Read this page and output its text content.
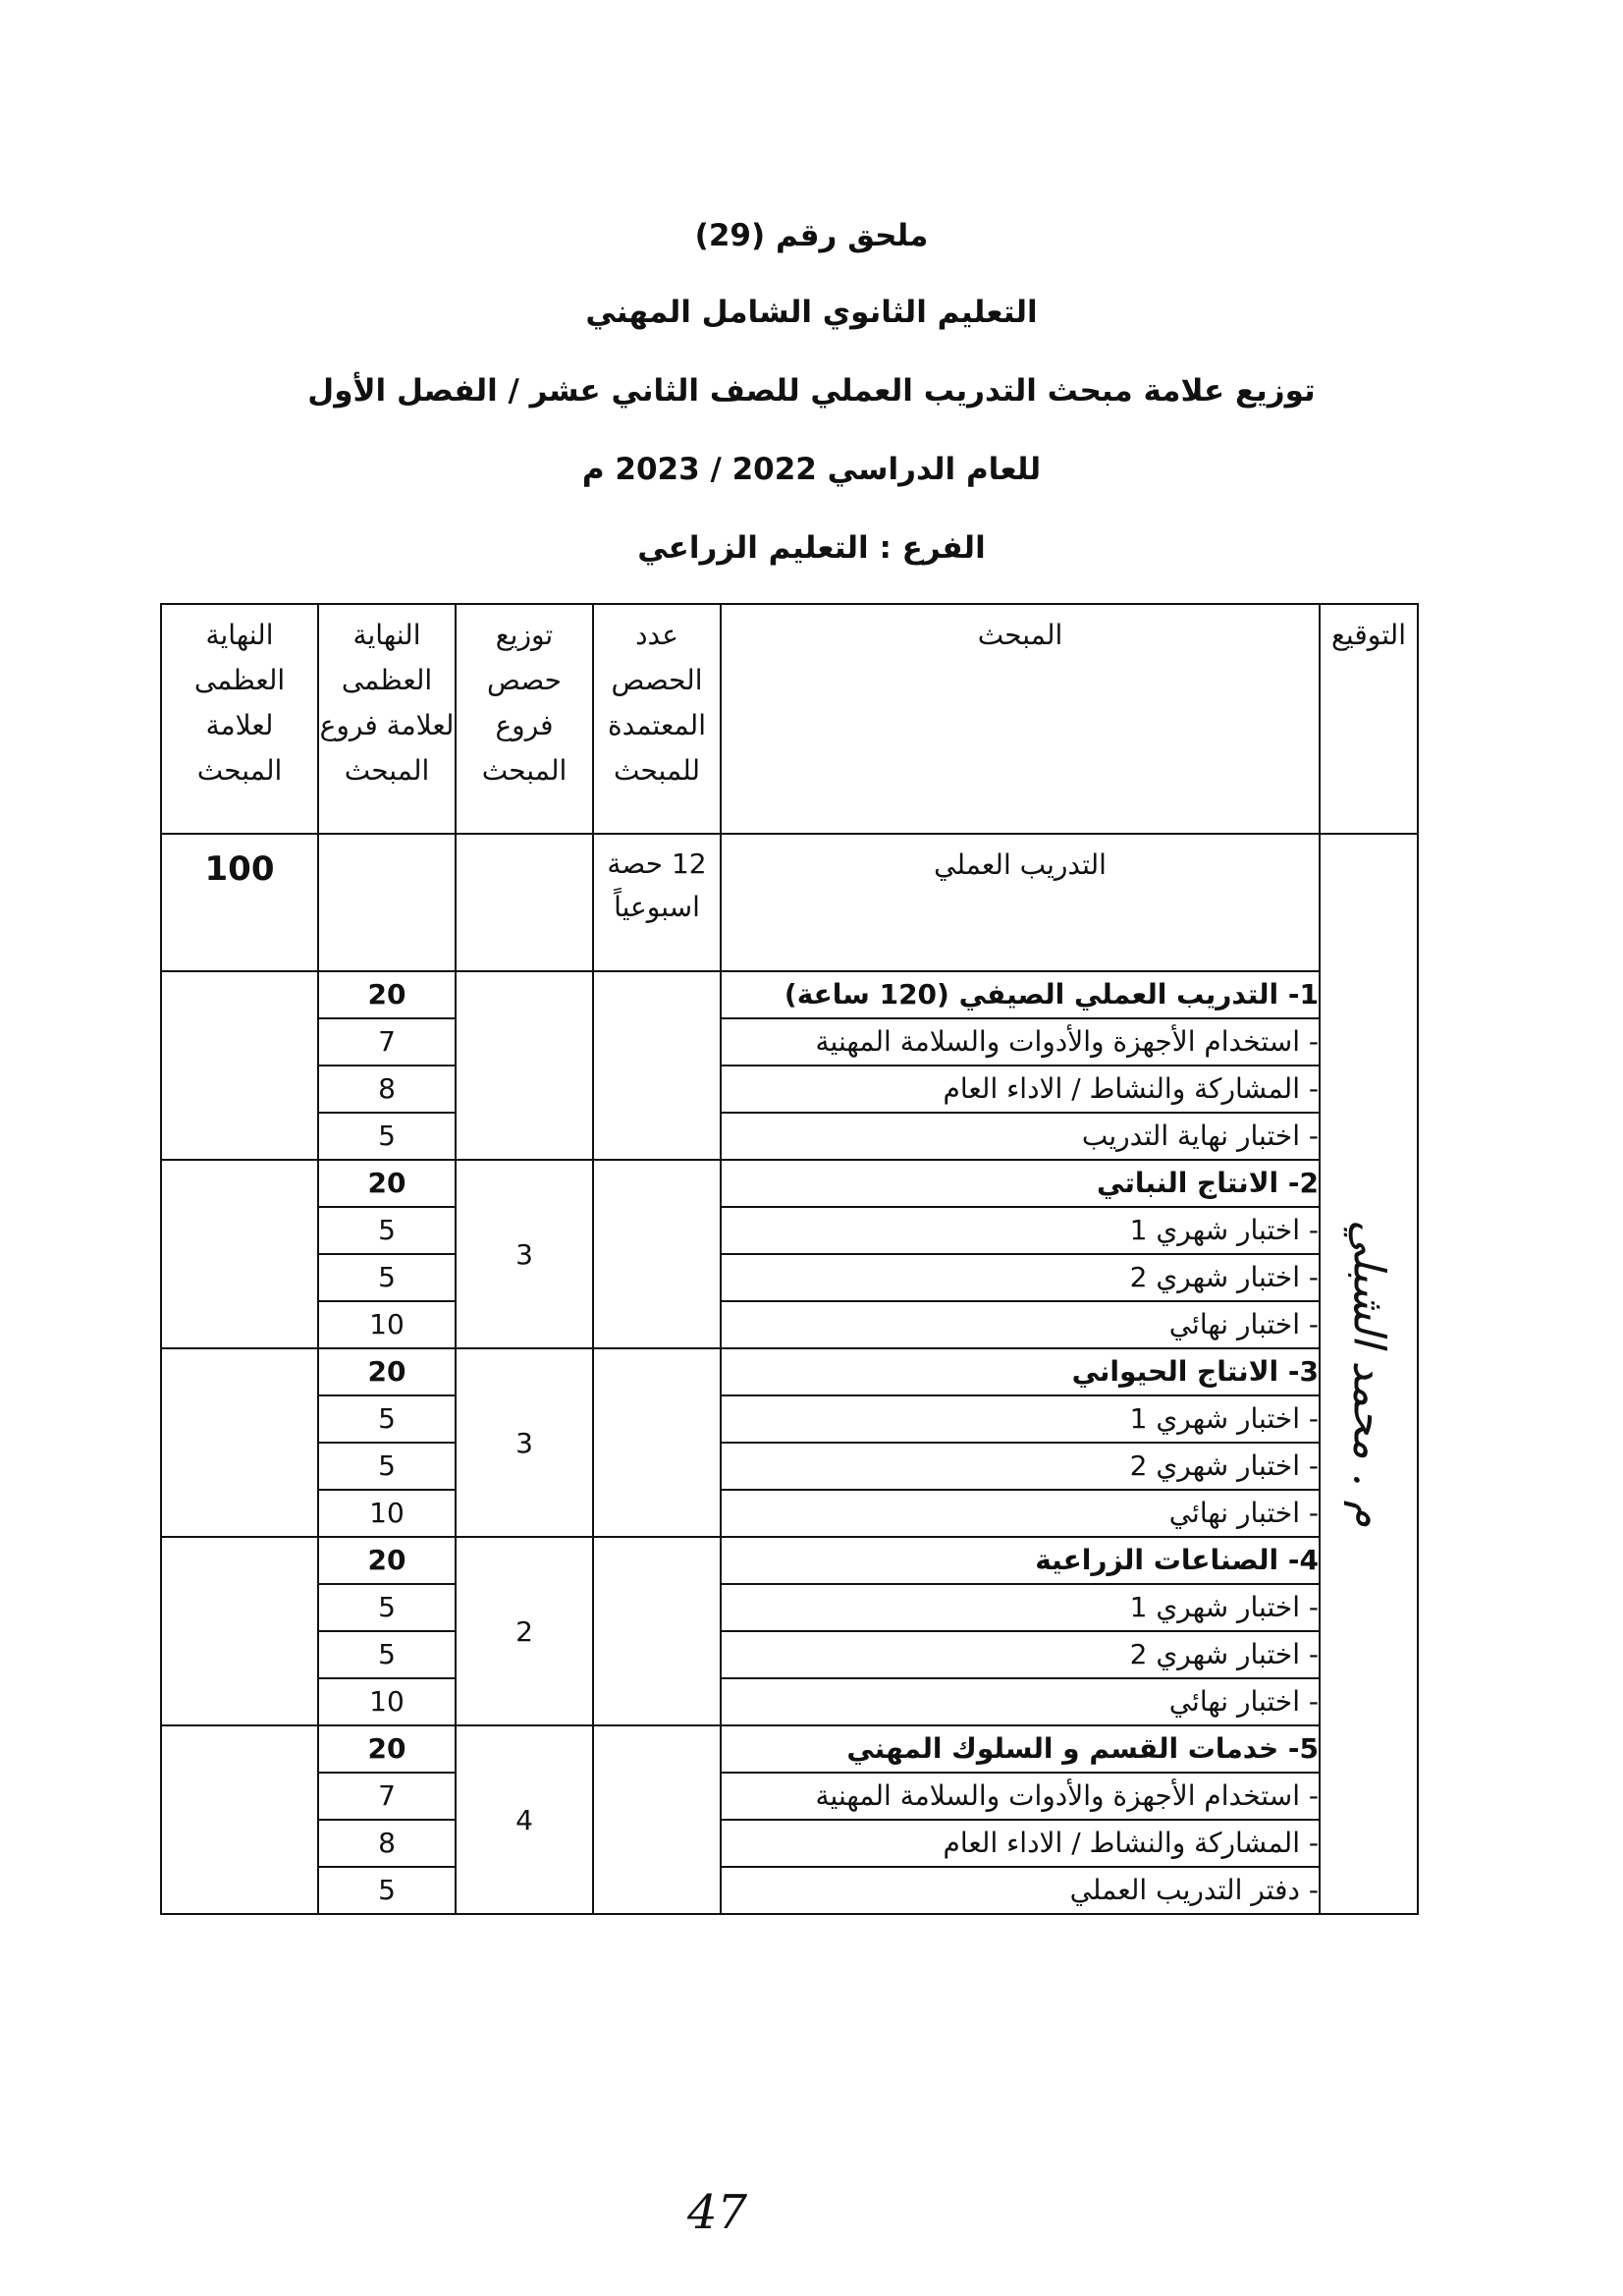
ملحق رقم (29)
التعليم الثانوي الشامل المهني
توزيع علامة مبحث التدريب العملي للصف الثاني عشر / الفصل الأول
للعام الدراسي 2022 / 2023 م
الفرع : التعليم الزراعي
التوقيع	المبحث	عدد الحصص المعتمدة للمبحث	توزيع حصص فروع المبحث	النهاية العظمى لعلامة فروع المبحث	النهاية العظمى لعلامة المبحث

م . محمد الشبلي	التدريب العملي	12 حصة اسبوعياً			100

	1- التدريب العملي الصيفي (120 ساعة)			20	
	- استخدام الأجهزة والأدوات والسلامة المهنية			7	
	- المشاركة والنشاط / الاداء العام			8	
	- اختبار نهاية التدريب			5	
	2- الانتاج النباتي		3	20	
	- اختبار شهري 1			5	
	- اختبار شهري 2			5	
	- اختبار نهائي			10	
	3- الانتاج الحيواني		3	20	
	- اختبار شهري 1			5	
	- اختبار شهري 2			5	
	- اختبار نهائي			10	
	4- الصناعات الزراعية		2	20	
	- اختبار شهري 1			5	
	- اختبار شهري 2			5	
	- اختبار نهائي			10	
	5- خدمات القسم و السلوك المهني		4	20	
	- استخدام الأجهزة والأدوات والسلامة المهنية			7	
	- المشاركة والنشاط / الاداء العام			8	
	- دفتر التدريب العملي			5	
47
